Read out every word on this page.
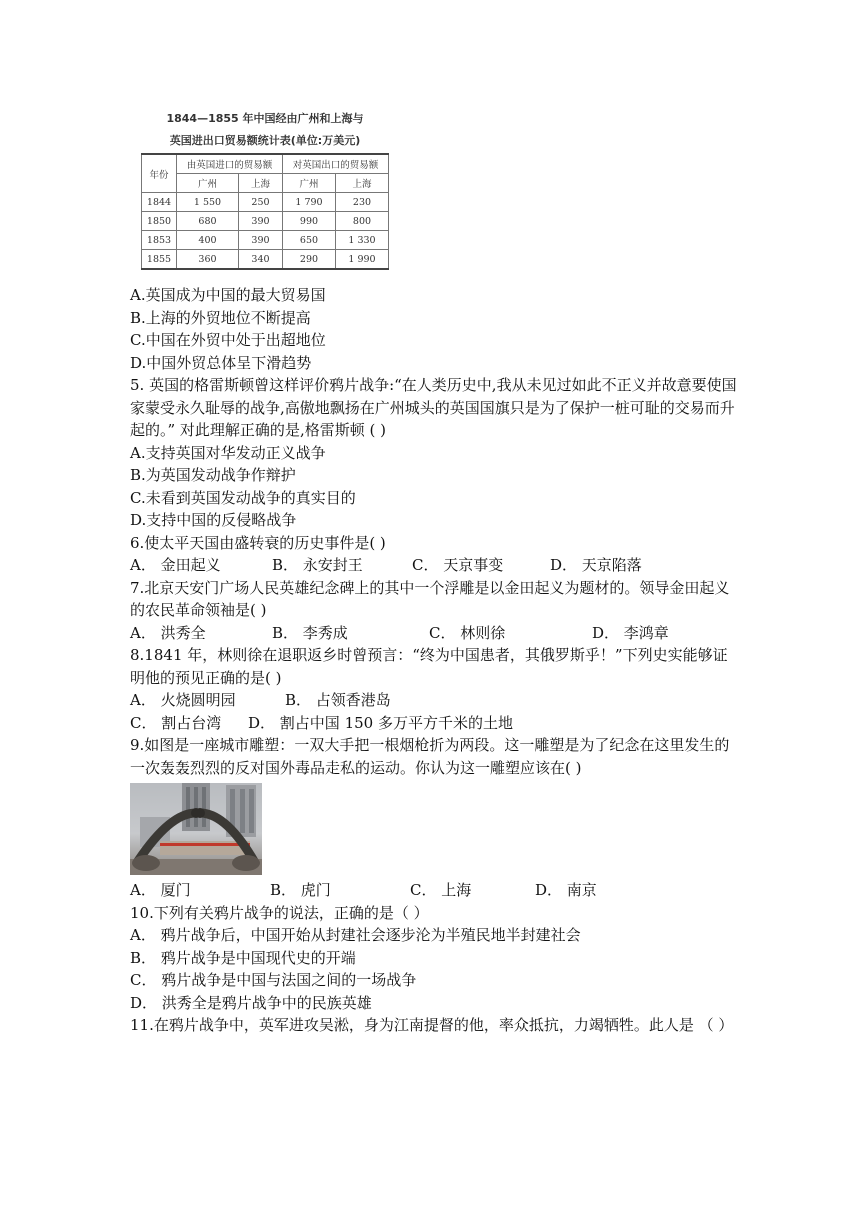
1844—1855 年中国经由广州和上海与
英国进出口贸易额统计表(单位:万美元)
年份	由英国进口的贸易额		对英国出口的贸易额	
	广州	上海	广州	上海
1844	1 550	250	1 790	230
1850	680	390	990	800
1853	400	390	650	1 330
1855	360	340	290	1 990
A.英国成为中国的最大贸易国
B.上海的外贸地位不断提高
C.中国在外贸中处于出超地位
D.中国外贸总体呈下滑趋势
5. 英国的格雷斯顿曾这样评价鸦片战争:“在人类历史中,我从未见过如此不正义并故意要使国家蒙受永久耻辱的战争,高傲地飘扬在广州城头的英国国旗只是为了保护一桩可耻的交易而升起的。” 对此理解正确的是,格雷斯顿 ( )
A.支持英国对华发动正义战争
B.为英国发动战争作辩护
C.未看到英国发动战争的真实目的
D.支持中国的反侵略战争
6.使太平天国由盛转衰的历史事件是( )
A． 金田起义	B． 永安封王	C． 天京事变	D． 天京陷落
7.北京天安门广场人民英雄纪念碑上的其中一个浮雕是以金田起义为题材的。领导金田起义的农民革命领袖是( )
A． 洪秀全	B． 李秀成	C． 林则徐	D． 李鸿章
8.1841 年，林则徐在退职返乡时曾预言：“终为中国患者，其俄罗斯乎！”下列史实能够证明他的预见正确的是( )
A． 火烧圆明园	B． 占领香港岛
C． 割占台湾	D． 割占中国 150 多万平方千米的土地
9.如图是一座城市雕塑：一双大手把一根烟枪折为两段。这一雕塑是为了纪念在这里发生的一次轰轰烈烈的反对国外毒品走私的运动。你认为这一雕塑应该在( )
A． 厦门	B． 虎门	C． 上海	D． 南京
10.下列有关鸦片战争的说法，正确的是（ ）
A． 鸦片战争后，中国开始从封建社会逐步沦为半殖民地半封建社会
B． 鸦片战争是中国现代史的开端
C． 鸦片战争是中国与法国之间的一场战争
D． 洪秀全是鸦片战争中的民族英雄
11.在鸦片战争中，英军进攻吴淞，身为江南提督的他，率众抵抗，力竭牺牲。此人是 （ ）
